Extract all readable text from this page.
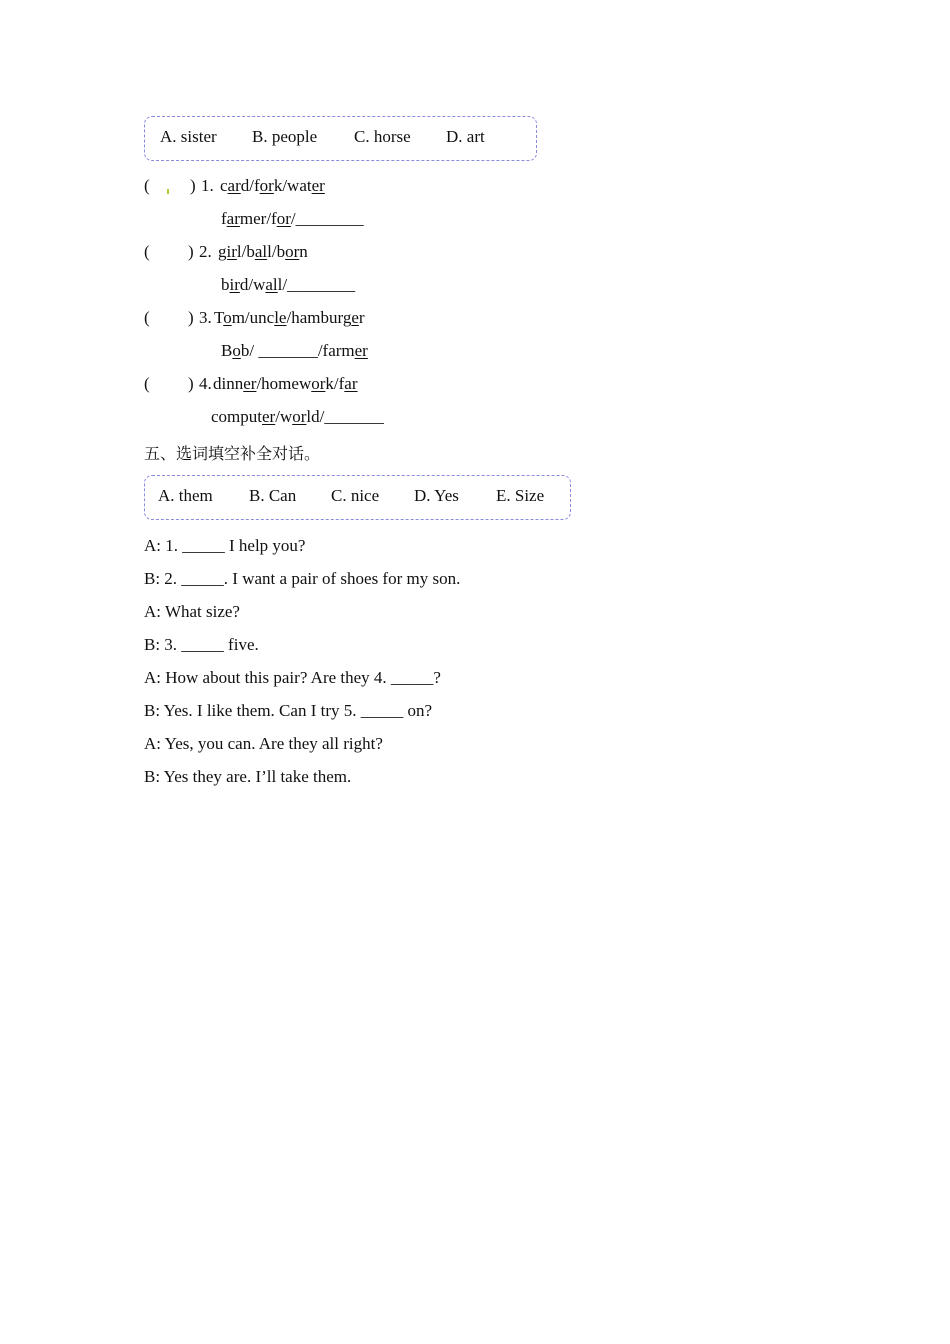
A. sister B. people C. horse D. art
( ) 1. card/fork/water
farmer/for/________
( ) 2. girl/ball/born
bird/wall/________
( ) 3. Tom/uncle/hamburger
Bob/ _______/farmer
( ) 4. dinner/homework/far
computer/world/_______
五、选词填空补全对话。
A. them B. Can C. nice D. Yes E. Size
A: 1. _____ I help you?
B: 2. _____. I want a pair of shoes for my son.
A: What size?
B: 3. _____ five.
A: How about this pair? Are they 4. _____?
B: Yes. I like them. Can I try 5. _____ on?
A: Yes, you can. Are they all right?
B: Yes they are. I’ll take them.
